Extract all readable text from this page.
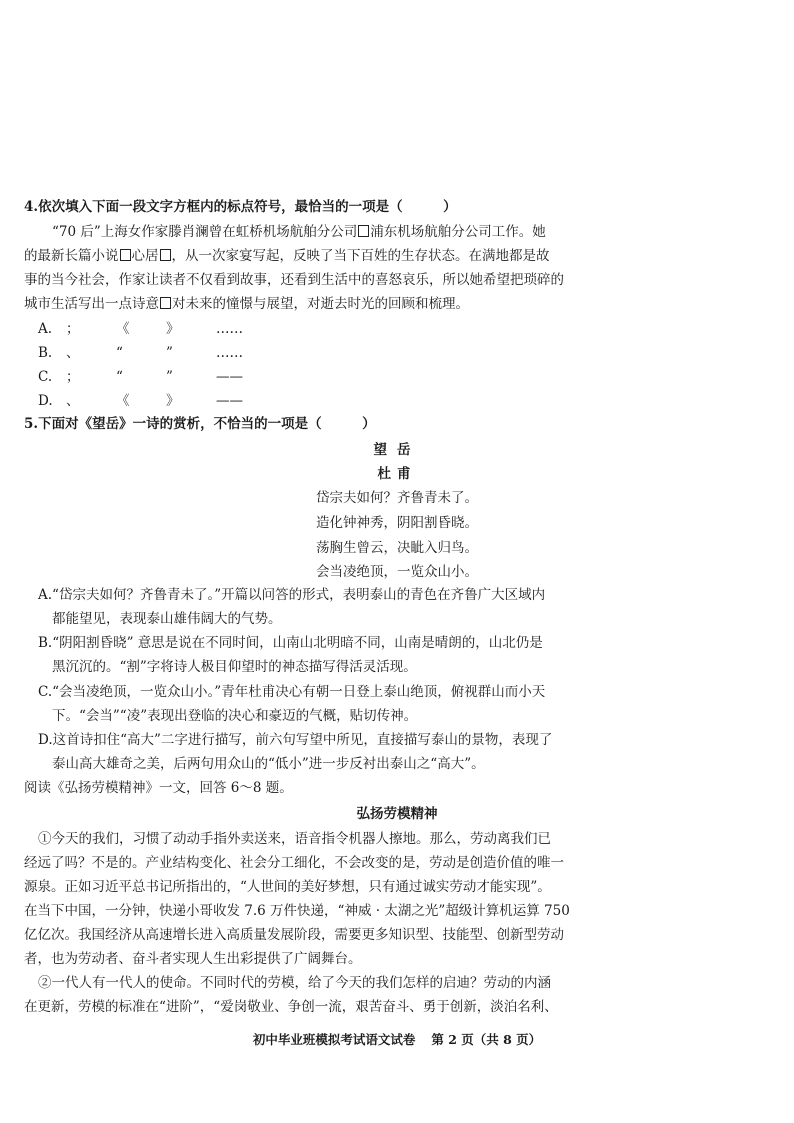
4.依次填入下面一段文字方框内的标点符号，最恰当的一项是（　　　）
“70 后”上海女作家滕肖澜曾在虹桥机场航舶分公司 浦东机场航舶分公司工作。她
的最新长篇小说 心居 ，从一次家宴写起，反映了当下百姓的生存状态。在满地都是故
事的当今社会，作家让读者不仅看到故事，还看到生活中的喜怒哀乐，所以她希望把琐碎的
城市生活写出一点诗意 对未来的憧憬与展望，对逝去时光的回顾和梳理。
A. ；	《	》	……
B. 、	“	”	……
C. ；	“	”	——
D. 、	《	》	——
5.下面对《望岳》一诗的赏析，不恰当的一项是（　　　）
望岳
杜甫
岱宗夫如何？齐鲁青未了。
造化钟神秀，阴阳割昏晓。
荡胸生曾云，决眦入归鸟。
会当凌绝顶，一览众山小。
A.“岱宗夫如何？齐鲁青未了。”开篇以问答的形式，表明泰山的青色在齐鲁广大区域内
都能望见，表现泰山雄伟阔大的气势。
B.“阴阳割昏晓” 意思是说在不同时间，山南山北明暗不同，山南是晴朗的，山北仍是
黑沉沉的。“割”字将诗人极目仰望时的神态描写得活灵活现。
C.“会当凌绝顶，一览众山小。”青年杜甫决心有朝一日登上泰山绝顶，俯视群山而小天
下。“会当”“凌”表现出登临的决心和豪迈的气概，贴切传神。
D.这首诗扣住“高大”二字进行描写，前六句写望中所见，直接描写泰山的景物，表现了
泰山高大雄奇之美，后两句用众山的“低小”进一步反衬出泰山之“高大”。
阅读《弘扬劳模精神》一文，回答 6～8 题。
弘扬劳模精神
①今天的我们，习惯了动动手指外卖送来，语音指令机器人擦地。那么，劳动离我们已
经远了吗？不是的。产业结构变化、社会分工细化，不会改变的是，劳动是创造价值的唯一
源泉。正如习近平总书记所指出的，“人世间的美好梦想，只有通过诚实劳动才能实现”。
在当下中国，一分钟，快递小哥收发 7.6 万件快递，“神威 · 太湖之光”超级计算机运算 750
亿亿次。我国经济从高速增长进入高质量发展阶段，需要更多知识型、技能型、创新型劳动
者，也为劳动者、奋斗者实现人生出彩提供了广阔舞台。
②一代人有一代人的使命。不同时代的劳模，给了今天的我们怎样的启迪？劳动的内涵
在更新，劳模的标准在“进阶”，“爱岗敬业、争创一流，艰苦奋斗、勇于创新，淡泊名利、
初中毕业班模拟考试语文试卷 第 2 页（共 8 页）
